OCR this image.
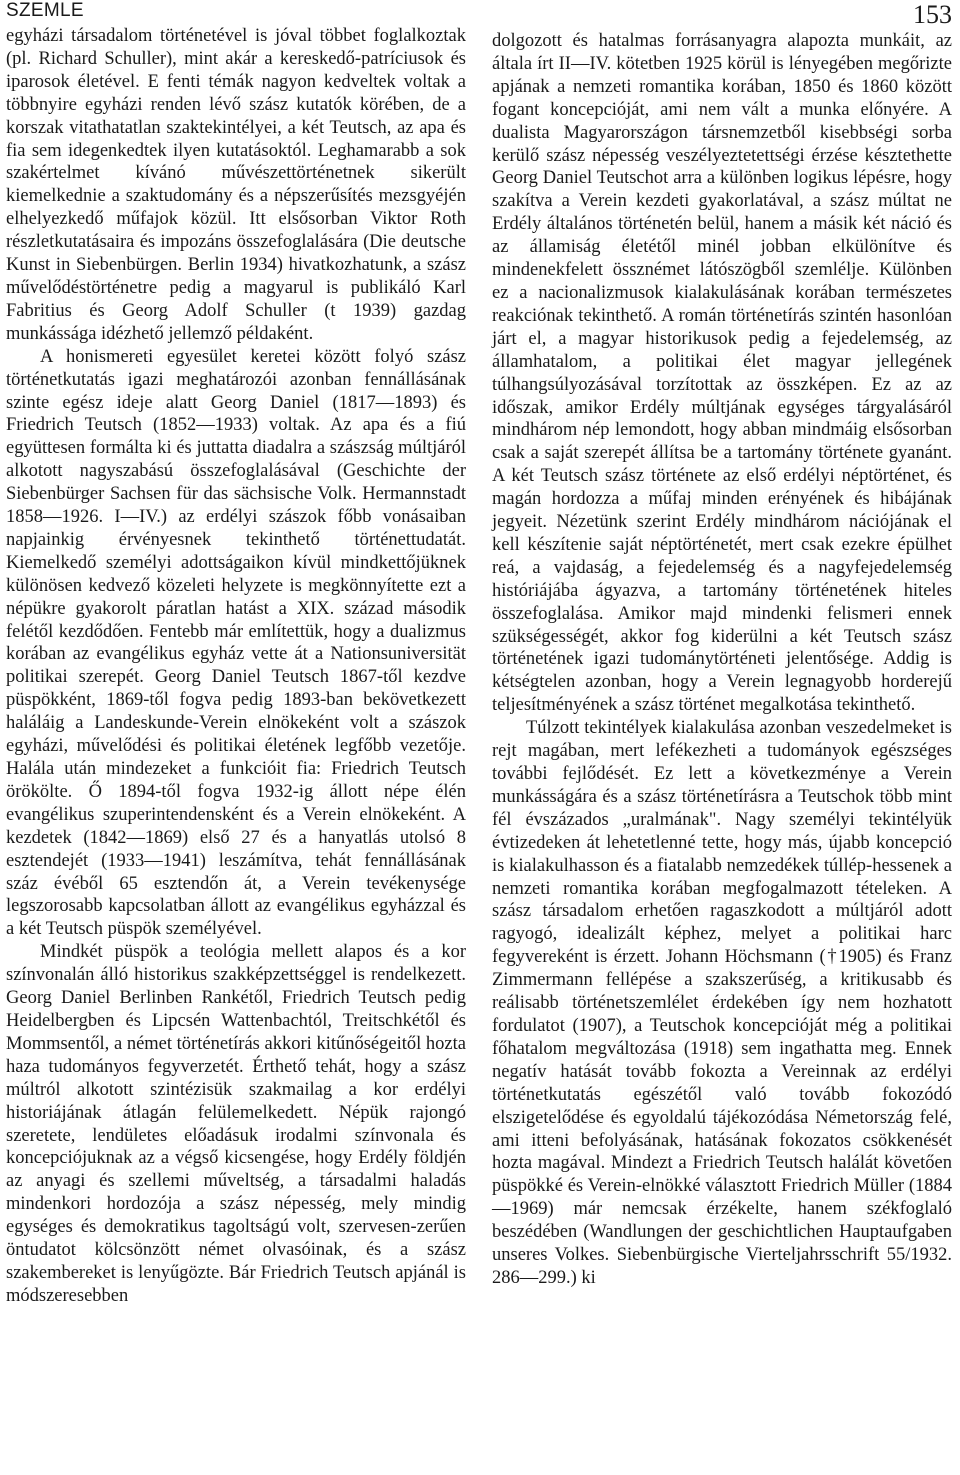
SZEMLE	153

egyházi társadalom történetével is jóval többet foglalkoztak (pl. Richard Schuller), mint akár a kereskedő-patríciusok és iparosok életével. E fenti témák nagyon kedveltek voltak a többnyire egyházi renden lévő szász kutatók körében, de a korszak vitathatatlan szaktekintélyei, a két Teutsch, az apa és fia sem idegenkedtek ilyen kutatásoktól. Leghamarabb a sok szakértelmet kívánó művészettörténetnek sikerült kiemelkednie a szaktudomány és a népszerűsítés mezsgyéjén elhelyezkedő műfajok közül. Itt elsősorban Viktor Roth részletkutatásaira és impozáns összefoglalására (Die deutsche Kunst in Siebenbürgen. Berlin 1934) hivatkozhatunk, a szász művelődéstörténetre pedig a magyarul is publikáló Karl Fabritius és Georg Adolf Schuller (t 1939) gazdag munkássága idézhető jellemző példaként.

A honismereti egyesület keretei között folyó szász történetkutatás igazi meghatározói azonban fennállásának szinte egész ideje alatt Georg Daniel (1817—1893) és Friedrich Teutsch (1852—1933) voltak. Az apa és a fiú együttesen formálta ki és juttatta diadalra a szászság múltjáról alkotott nagyszabású összefoglalásával (Geschichte der Siebenbürger Sachsen für das sächsische Volk. Hermannstadt 1858—1926. I—IV.) az erdélyi szászok főbb vonásaiban napjainkig érvényesnek tekinthető történettudatát. Kiemelkedő személyi adottságaikon kívül mindkettőjüknek különösen kedvező közeleti helyzete is megkönnyítette ezt a népükre gyakorolt páratlan hatást a XIX. század második felétől kezdődően. Fentebb már említettük, hogy a dualizmus korában az evangélikus egyház vette át a Nationsuniversität politikai szerepét. Georg Daniel Teutsch 1867-től kezdve püspökként, 1869-től fogva pedig 1893-ban bekövetkezett haláláig a Landeskunde-Verein elnökeként volt a szászok egyházi, művelődési és politikai életének legfőbb vezetője. Halála után mindezeket a funkcióit fia: Friedrich Teutsch örökölte. Ő 1894-től fogva 1932-ig állott népe élén evangélikus szuperintendensként és a Verein elnökeként. A kezdetek (1842—1869) első 27 és a hanyatlás utolsó 8 esztendejét (1933—1941) leszámítva, tehát fennállásának száz évéből 65 esztendőn át, a Verein tevékenysége legszorosabb kapcsolatban állott az evangélikus egyházzal és a két Teutsch püspök személyével.

Mindkét püspök a teológia mellett alapos és a kor színvonalán álló historikus szakképzettséggel is rendelkezett. Georg Daniel Berlinben Rankétől, Friedrich Teutsch pedig Heidelbergben és Lipcsén Wattenbachtól, Treitschkétől és Mommsentől, a német történetírás akkori kitűnőségeitől hozta haza tudományos fegyverzetét. Érthető tehát, hogy a szász múltról alkotott szintézisük szakmailag a kor erdélyi historiájának átlagán felülemelkedett. Népük rajongó szeretete, lendületes előadásuk irodalmi színvonala és koncepciójuknak az a végső kicsengése, hogy Erdély földjén az anyagi és szellemi műveltség, a társadalmi haladás mindenkori hordozója a szász népesség, mely mindig egységes és demokratikus tagoltságú volt, szervesen-zerűen öntudatot kölcsönzött német olvasóinak, és a szász szakembereket is lenyűgözte. Bár Friedrich Teutsch apjánál is módszeresebben

dolgozott és hatalmas forrásanyagra alapozta munkáit, az általa írt II—IV. kötetben 1925 körül is lényegében megőrizte apjának a nemzeti romantika korában, 1850 és 1860 között fogant koncepcióját, ami nem vált a munka előnyére. A dualista Magyarországon társnemzetből kisebbségi sorba kerülő szász népesség veszélyeztetettségi érzése késztethette Georg Daniel Teutschot arra a különben logikus lépésre, hogy szakítva a Verein kezdeti gyakorlatával, a szász múltat ne Erdély általános történetén belül, hanem a másik két náció és az államiság életétől minél jobban elkülönítve és mindenekfelett össznémet látószögből szemlélje. Különben ez a nacionalizmusok kialakulásának korában természetes reakciónak tekinthető. A román történetírás szintén hasonlóan járt el, a magyar historikusok pedig a fejedelemség, az államhatalom, a politikai élet magyar jellegének túlhangsúlyozásával torzítottak az összképen. Ez az az időszak, amikor Erdély múltjának egységes tárgyalásáról mindhárom nép lemondott, hogy abban mindmáig elsősorban csak a saját szerepét állítsa be a tartomány története gyanánt. A két Teutsch szász története az első erdélyi néptörténet, és magán hordozza a műfaj minden erényének és hibájának jegyeit. Nézetünk szerint Erdély mindhárom nációjának el kell készítenie saját néptörténetét, mert csak ezekre épülhet reá, a vajdaság, a fejedelemség és a nagyfejedelemség históriájába ágyazva, a tartomány történetének hiteles összefoglalása. Amikor majd mindenki felismeri ennek szükségességét, akkor fog kiderülni a két Teutsch szász történetének igazi tudománytörténeti jelentősége. Addig is kétségtelen azonban, hogy a Verein legnagyobb horderejű teljesítményének a szász történet megalkotása tekinthető.

Túlzott tekintélyek kialakulása azonban veszedelmeket is rejt magában, mert lefékezheti a tudományok egészséges további fejlődését. Ez lett a következménye a Verein munkásságára és a szász történetírásra a Teutschok több mint fél évszázados „uralmának". Nagy személyi tekintélyük évtizedeken át lehetetlenné tette, hogy más, újabb koncepció is kialakulhasson és a fiatalabb nemzedékek túllép-hessenek a nemzeti romantika korában megfogalmazott tételeken. A szász társadalom erhetően ragaszkodott a múltjáról adott ragyogó, idealizált képhez, melyet a politikai harc fegyvereként is érzett. Johann Höchsmann (†1905) és Franz Zimmermann fellépése a szakszerűség, a kritikusabb és reálisabb történetszemlélet érdekében így nem hozhatott fordulatot (1907), a Teutschok koncepcióját még a politikai főhatalom megváltozása (1918) sem ingathatta meg. Ennek negatív hatását tovább fokozta a Vereinnak az erdélyi történetkutatás egészétől való tovább fokozódó elszigetelődése és egyoldalú tájékozódása Németország felé, ami itteni befolyásának, hatásának fokozatos csökkenését hozta magával. Mindezt a Friedrich Teutsch halálát követően püspökké és Verein-elnökké választott Friedrich Müller (1884—1969) már nemcsak érzékelte, hanem székfoglaló beszédében (Wandlungen der geschichtlichen Hauptaufgaben unseres Volkes. Siebenbürgische Vierteljahrsschrift 55/1932. 286—299.) ki
